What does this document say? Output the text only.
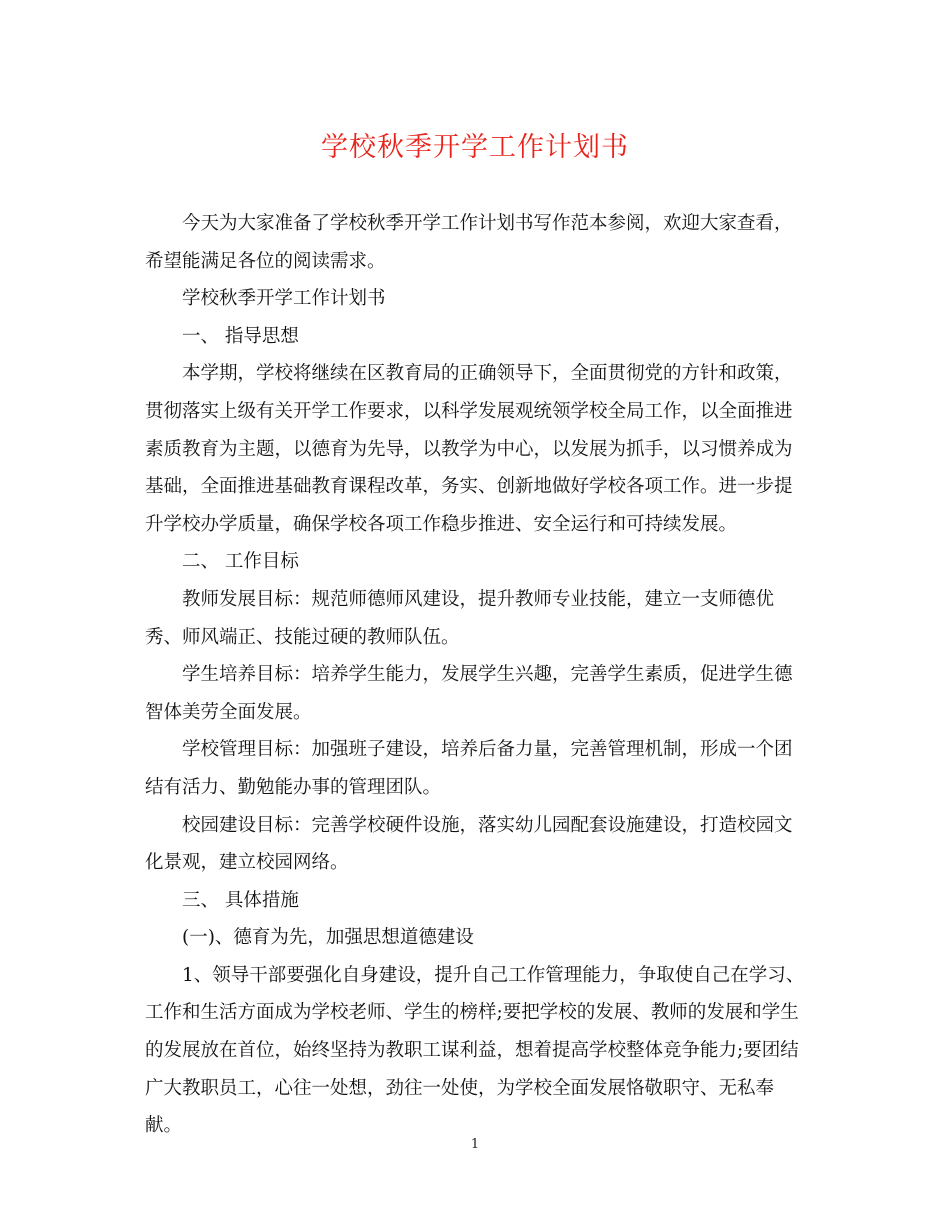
学校秋季开学工作计划书

今天为大家准备了学校秋季开学工作计划书写作范本参阅，欢迎大家查看，希望能满足各位的阅读需求。

学校秋季开学工作计划书

一、 指导思想

本学期，学校将继续在区教育局的正确领导下，全面贯彻党的方针和政策，贯彻落实上级有关开学工作要求，以科学发展观统领学校全局工作，以全面推进素质教育为主题，以德育为先导，以教学为中心，以发展为抓手，以习惯养成为基础，全面推进基础教育课程改革，务实、创新地做好学校各项工作。进一步提升学校办学质量，确保学校各项工作稳步推进、安全运行和可持续发展。

二、 工作目标

教师发展目标：规范师德师风建设，提升教师专业技能，建立一支师德优秀、师风端正、技能过硬的教师队伍。

学生培养目标：培养学生能力，发展学生兴趣，完善学生素质，促进学生德智体美劳全面发展。

学校管理目标：加强班子建设，培养后备力量，完善管理机制，形成一个团结有活力、勤勉能办事的管理团队。

校园建设目标：完善学校硬件设施，落实幼儿园配套设施建设，打造校园文化景观，建立校园网络。

三、 具体措施

(一)、德育为先，加强思想道德建设

1、领导干部要强化自身建设，提升自己工作管理能力，争取使自己在学习、工作和生活方面成为学校老师、学生的榜样;要把学校的发展、教师的发展和学生的发展放在首位，始终坚持为教职工谋利益，想着提高学校整体竞争能力;要团结广大教职员工，心往一处想，劲往一处使，为学校全面发展恪敬职守、无私奉献。

1
